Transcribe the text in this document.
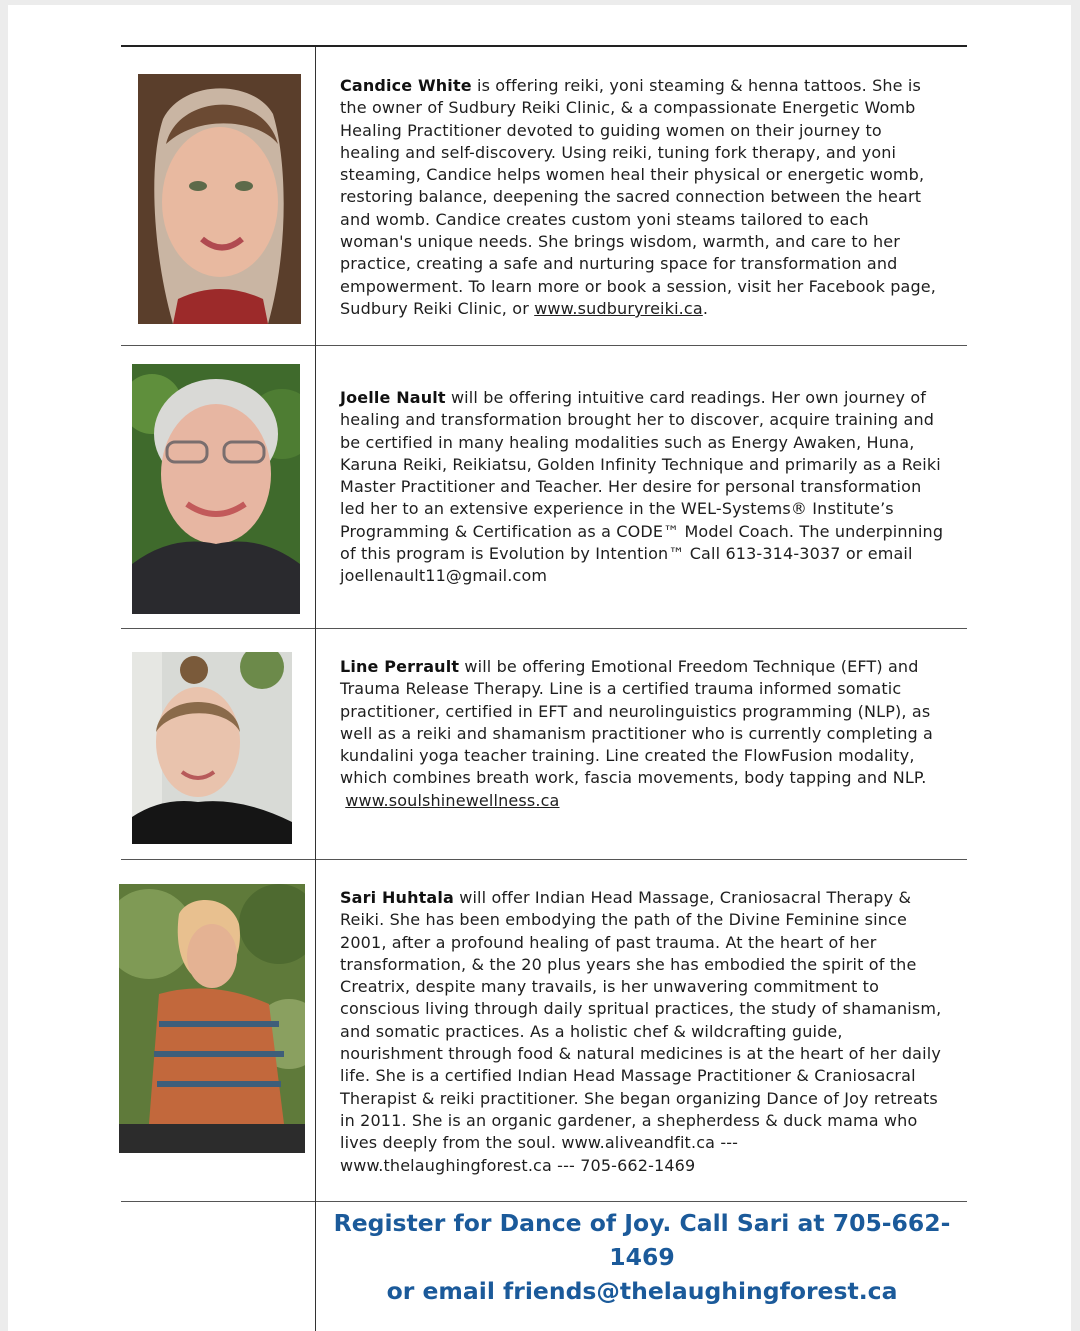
Candice White is offering reiki, yoni steaming & henna tattoos. She is the owner of Sudbury Reiki Clinic, & a compassionate Energetic Womb Healing Practitioner devoted to guiding women on their journey to healing and self-discovery. Using reiki, tuning fork therapy, and yoni steaming, Candice helps women heal their physical or energetic womb, restoring balance, deepening the sacred connection between the heart and womb. Candice creates custom yoni steams tailored to each woman's unique needs. She brings wisdom, warmth, and care to her practice, creating a safe and nurturing space for transformation and empowerment. To learn more or book a session, visit her Facebook page, Sudbury Reiki Clinic, or www.sudburyreiki.ca.
Joelle Nault will be offering intuitive card readings. Her own journey of healing and transformation brought her to discover, acquire training and be certified in many healing modalities such as Energy Awaken, Huna, Karuna Reiki, Reikiatsu, Golden Infinity Technique and primarily as a Reiki Master Practitioner and Teacher. Her desire for personal transformation led her to an extensive experience in the WEL-Systems® Institute’s Programming & Certification as a CODE™ Model Coach. The underpinning of this program is Evolution by Intention™ Call 613-314-3037 or email joellenault11@gmail.com
Line Perrault will be offering Emotional Freedom Technique (EFT) and Trauma Release Therapy. Line is a certified trauma informed somatic practitioner, certified in EFT and neurolinguistics programming (NLP), as well as a reiki and shamanism practitioner who is currently completing a kundalini yoga teacher training. Line created the FlowFusion modality, which combines breath work, fascia movements, body tapping and NLP.
www.soulshinewellness.ca
Sari Huhtala will offer Indian Head Massage, Craniosacral Therapy & Reiki. She has been embodying the path of the Divine Feminine since 2001, after a profound healing of past trauma. At the heart of her transformation, & the 20 plus years she has embodied the spirit of the Creatrix, despite many travails, is her unwavering commitment to conscious living through daily spritual practices, the study of shamanism, and somatic practices. As a holistic chef & wildcrafting guide, nourishment through food & natural medicines is at the heart of her daily life. She is a certified Indian Head Massage Practitioner & Craniosacral Therapist & reiki practitioner. She began organizing Dance of Joy retreats in 2011. She is an organic gardener, a shepherdess & duck mama who lives deeply from the soul. www.aliveandfit.ca --- www.thelaughingforest.ca --- 705-662-1469
Register for Dance of Joy. Call Sari at 705-662-1469
or email friends@thelaughingforest.ca
